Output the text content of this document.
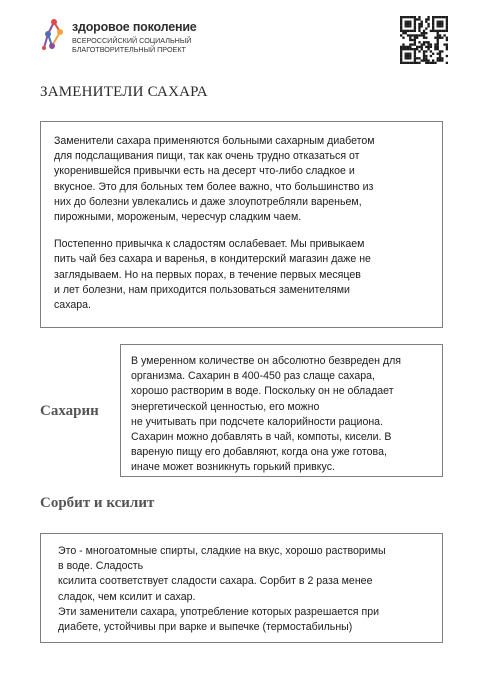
здоровое поколение
ВСЕРОССИЙСКИЙ СОЦИАЛЬНЫЙ
БЛАГОТВОРИТЕЛЬНЫЙ ПРОЕКТ
ЗАМЕНИТЕЛИ САХАРА

Заменители сахара применяются больными сахарным диабетом
для подслащивания пищи, так как очень трудно отказаться от
укоренившейся привычки есть на десерт что-либо сладкое и
вкусное. Это для больных тем более важно, что большинство из
них до болезни увлекались и даже злоупотребляли вареньем,
пирожными, мороженым, чересчур сладким чаем.

Постепенно привычка к сладостям ослабевает. Мы привыкаем
пить чай без сахара и варенья, в кондитерский магазин даже не
заглядываем. Но на первых порах, в течение первых месяцев
и лет болезни, нам приходится пользоваться заменителями
сахара.

Сахарин
В умеренном количестве он абсолютно безвреден для
организма. Сахарин в 400-450 раз слаще сахара,
хорошо растворим в воде. Поскольку он не обладает
энергетической ценностью, его можно
не учитывать при подсчете калорийности рациона.
Сахарин можно добавлять в чай, компоты, кисели. В
вареную пищу его добавляют, когда она уже готова,
иначе может возникнуть горький привкус.
Сорбит и ксилит
Это - многоатомные спирты, сладкие на вкус, хорошо растворимы
в воде. Сладость
ксилита соответствует сладости сахара. Сорбит в 2 раза менее
сладок, чем ксилит и сахар.
Эти заменители сахара, употребление которых разрешается при
диабете, устойчивы при варке и выпечке (термостабильны)
